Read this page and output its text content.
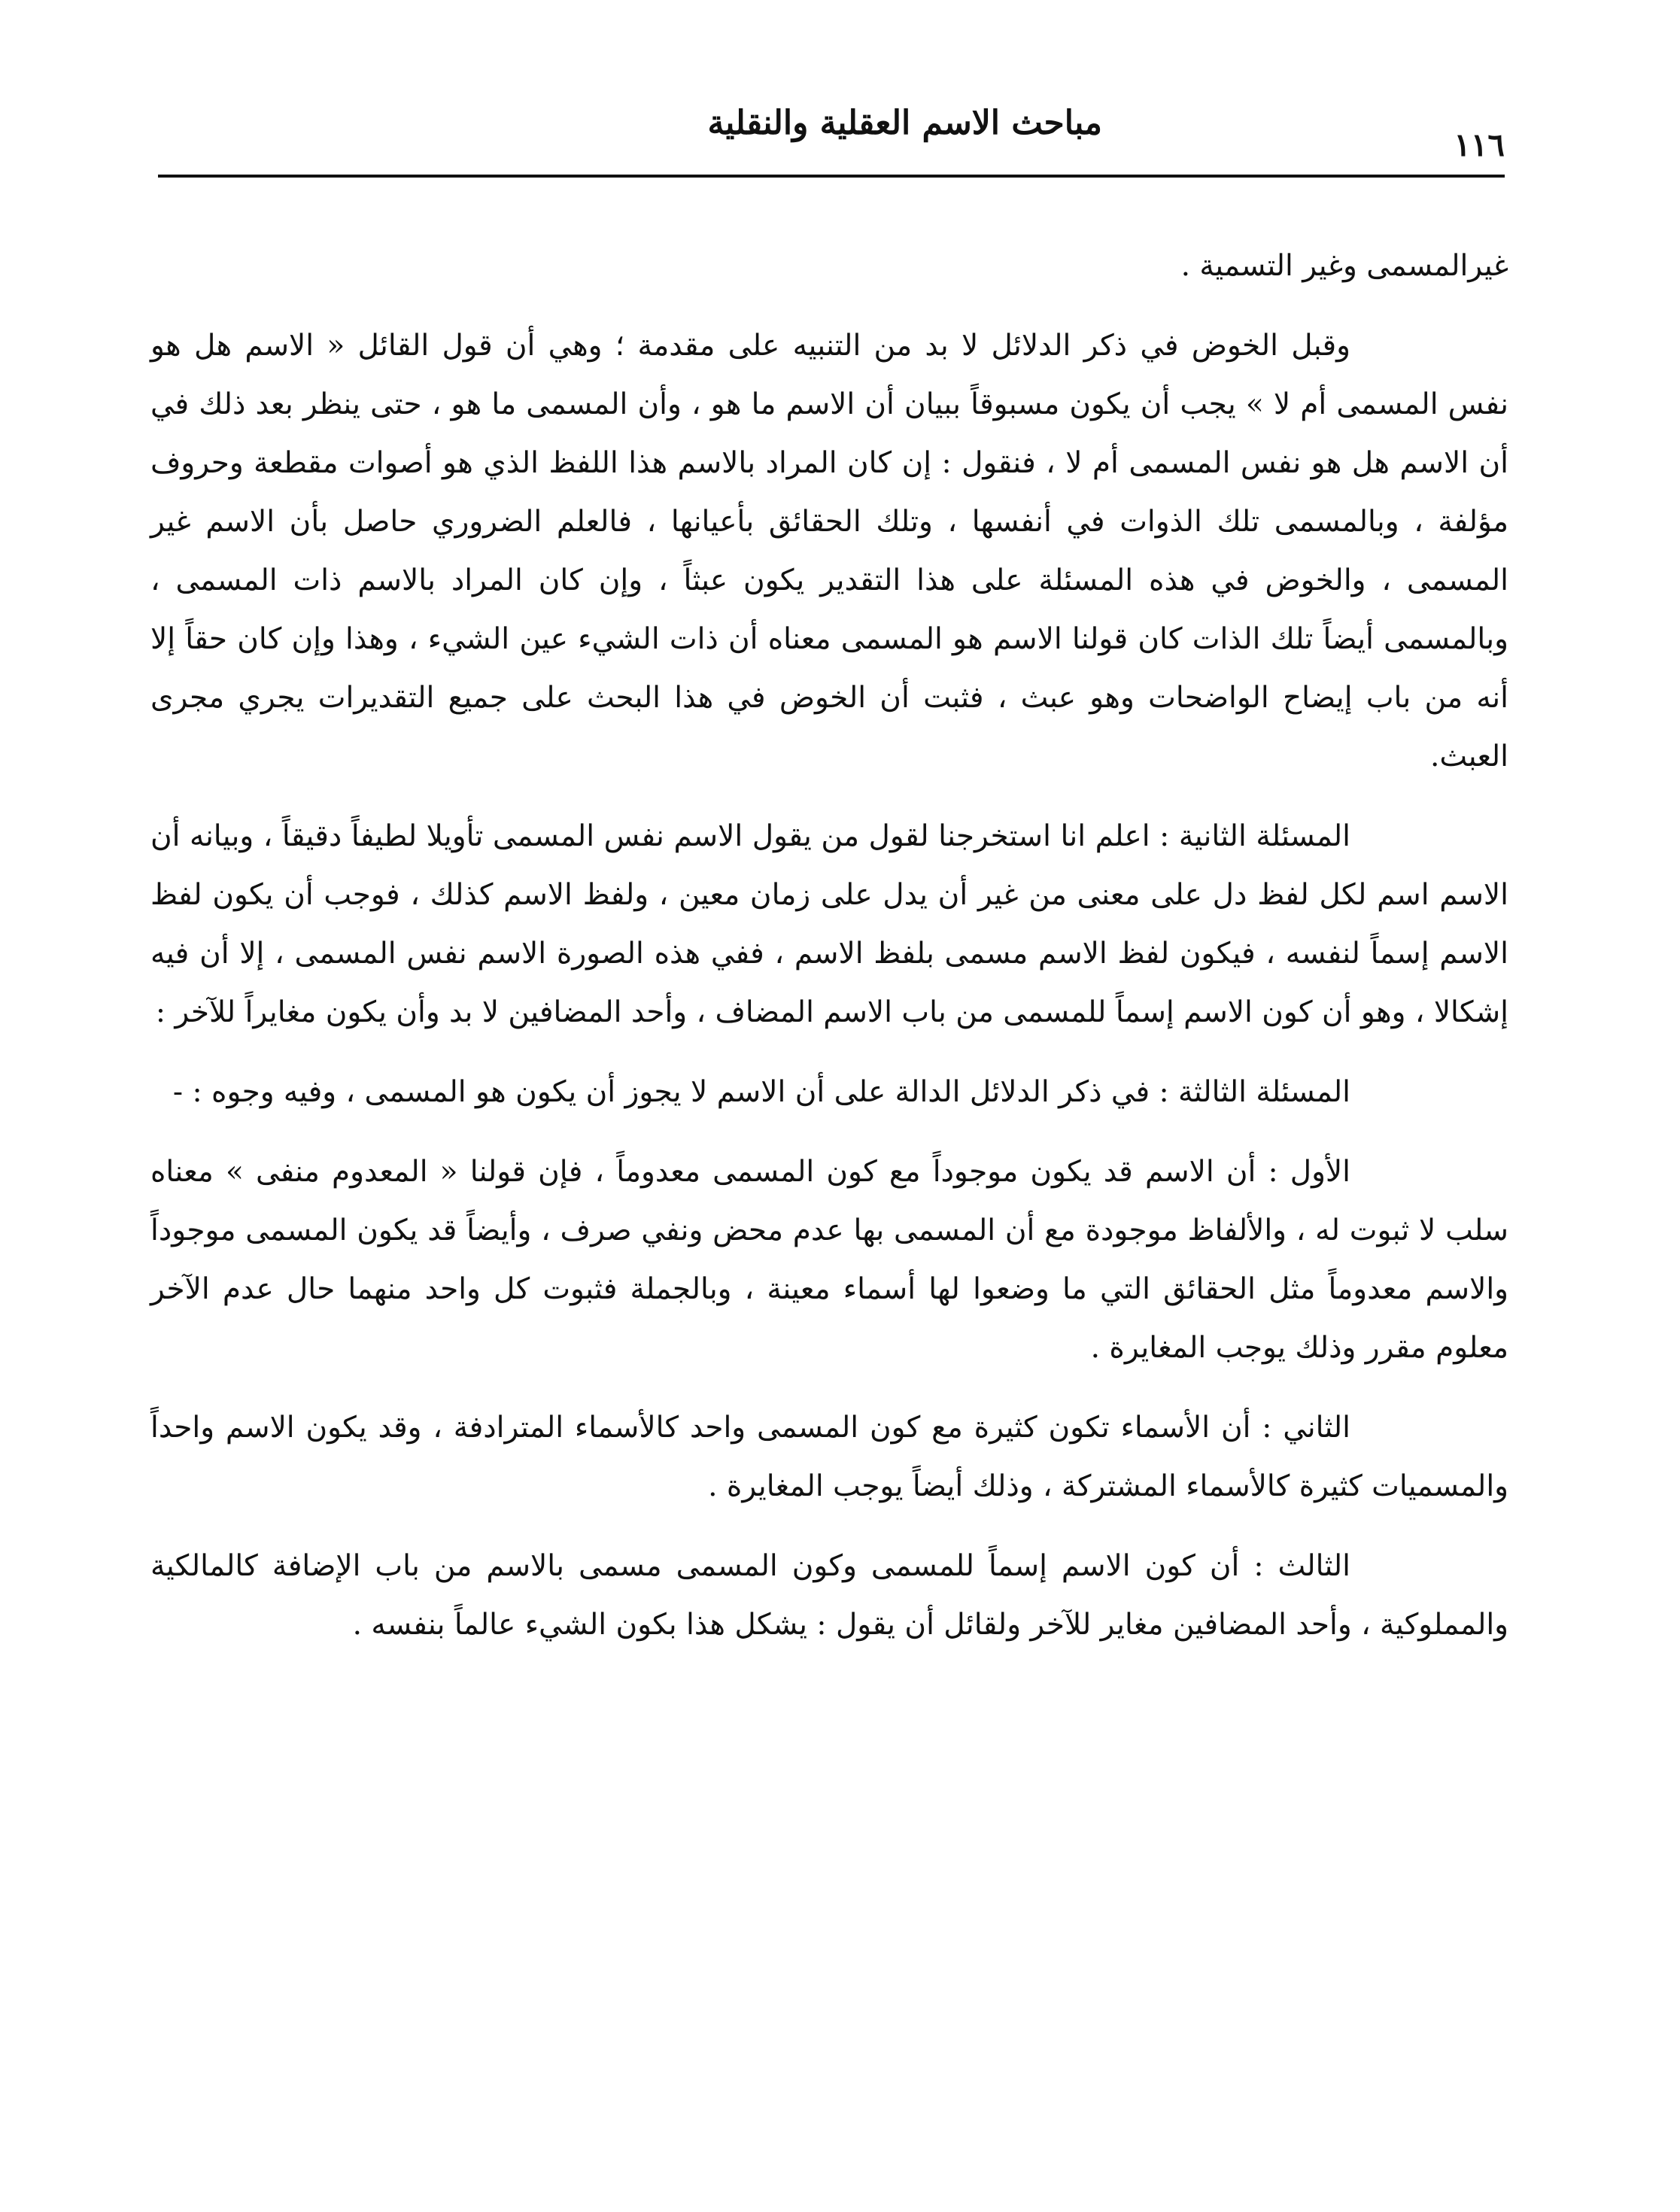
مباحث الاسم العقلية والنقلية
١١٦

غيرالمسمى وغير التسمية .

وقبل الخوض في ذكر الدلائل لا بد من التنبيه على مقدمة ؛ وهي أن قول القائل « الاسم هل هو نفس المسمى أم لا » يجب أن يكون مسبوقاً ببيان أن الاسم ما هو ، وأن المسمى ما هو ، حتى ينظر بعد ذلك في أن الاسم هل هو نفس المسمى أم لا ، فنقول : إن كان المراد بالاسم هذا اللفظ الذي هو أصوات مقطعة وحروف مؤلفة ، وبالمسمى تلك الذوات في أنفسها ، وتلك الحقائق بأعيانها ، فالعلم الضروري حاصل بأن الاسم غير المسمى ، والخوض في هذه المسئلة على هذا التقدير يكون عبثاً ، وإن كان المراد بالاسم ذات المسمى ، وبالمسمى أيضاً تلك الذات كان قولنا الاسم هو المسمى معناه أن ذات الشيء عين الشيء ، وهذا وإن كان حقاً إلا أنه من باب إيضاح الواضحات وهو عبث ، فثبت أن الخوض في هذا البحث على جميع التقديرات يجري مجرى العبث.

المسئلة الثانية : اعلم انا استخرجنا لقول من يقول الاسم نفس المسمى تأويلا لطيفاً دقيقاً ، وبيانه أن الاسم اسم لكل لفظ دل على معنى من غير أن يدل على زمان معين ، ولفظ الاسم كذلك ، فوجب أن يكون لفظ الاسم إسماً لنفسه ، فيكون لفظ الاسم مسمى بلفظ الاسم ، ففي هذه الصورة الاسم نفس المسمى ، إلا أن فيه إشكالا ، وهو أن كون الاسم إسماً للمسمى من باب الاسم المضاف ، وأحد المضافين لا بد وأن يكون مغايراً للآخر :

المسئلة الثالثة : في ذكر الدلائل الدالة على أن الاسم لا يجوز أن يكون هو المسمى ، وفيه وجوه : -

الأول : أن الاسم قد يكون موجوداً مع كون المسمى معدوماً ، فإن قولنا « المعدوم منفى » معناه سلب لا ثبوت له ، والألفاظ موجودة مع أن المسمى بها عدم محض ونفي صرف ، وأيضاً قد يكون المسمى موجوداً والاسم معدوماً مثل الحقائق التي ما وضعوا لها أسماء معينة ، وبالجملة فثبوت كل واحد منهما حال عدم الآخر معلوم مقرر وذلك يوجب المغايرة .

الثاني : أن الأسماء تكون كثيرة مع كون المسمى واحد كالأسماء المترادفة ، وقد يكون الاسم واحداً والمسميات كثيرة كالأسماء المشتركة ، وذلك أيضاً يوجب المغايرة .

الثالث : أن كون الاسم إسماً للمسمى وكون المسمى مسمى بالاسم من باب الإضافة كالمالكية والمملوكية ، وأحد المضافين مغاير للآخر ولقائل أن يقول : يشكل هذا بكون الشيء عالماً بنفسه .
